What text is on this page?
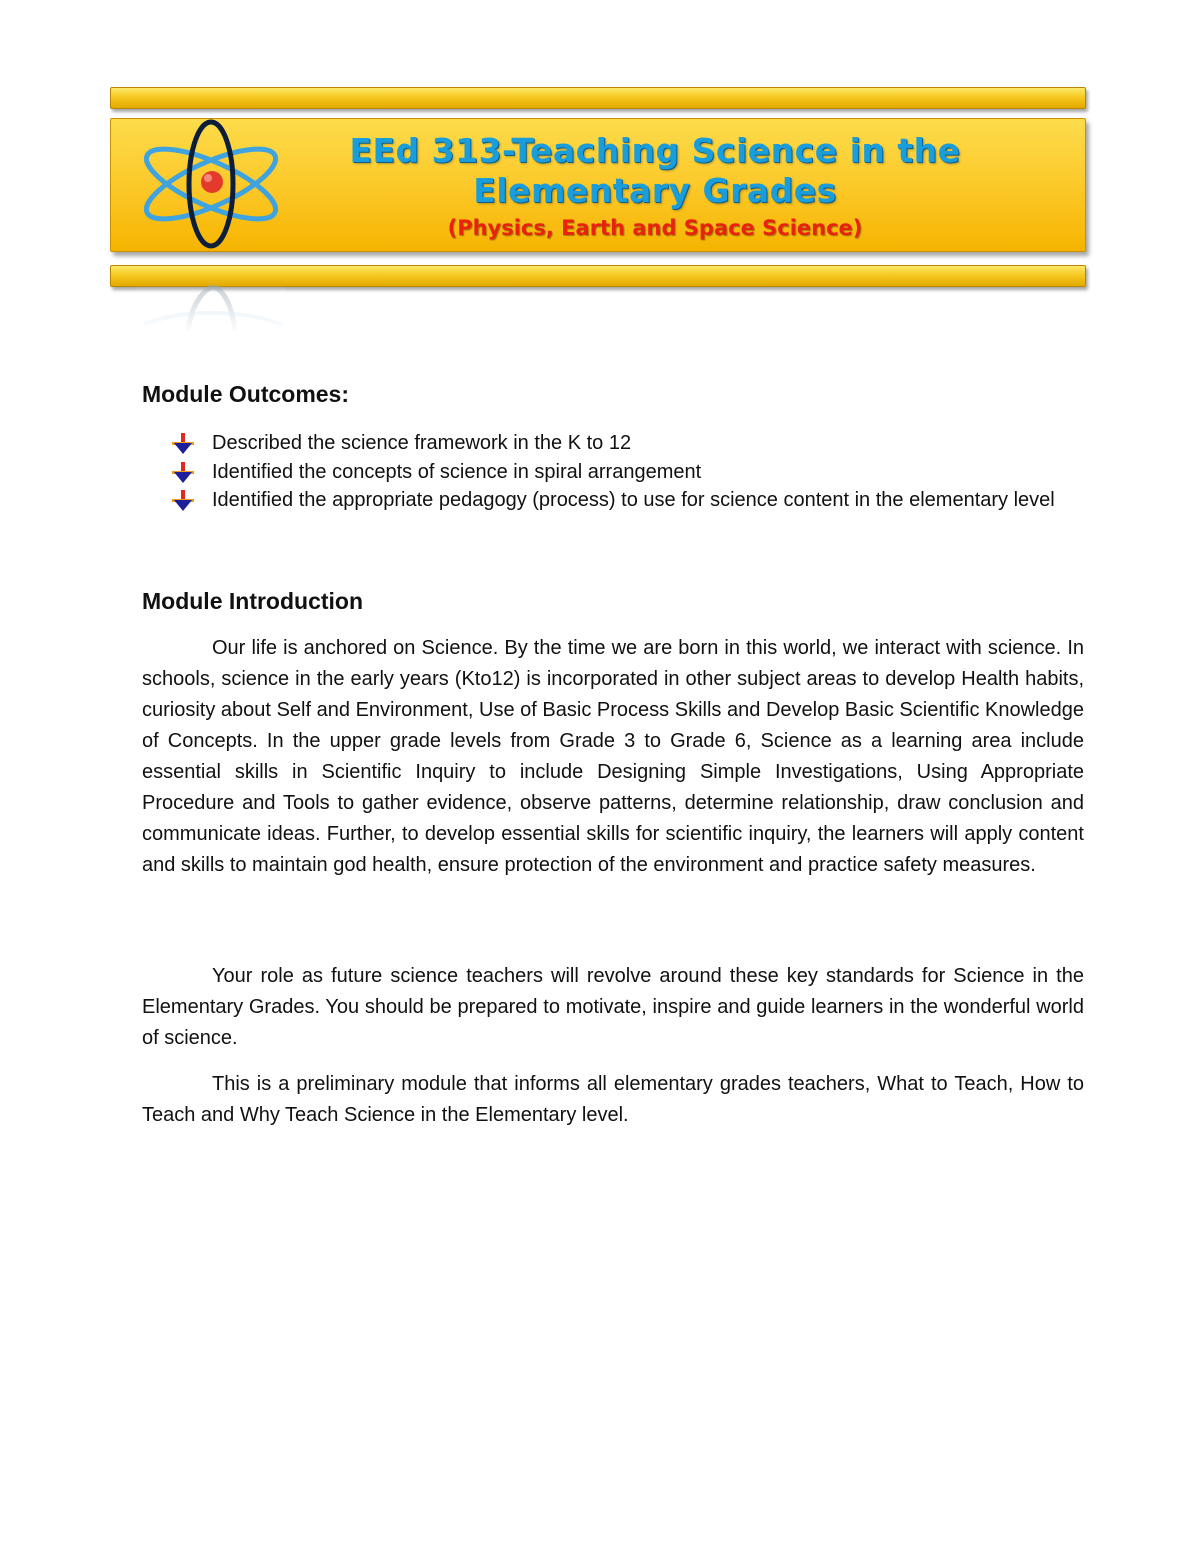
EEd 313-Teaching Science in the
Elementary Grades
(Physics, Earth and Space Science)
Module Outcomes:
Described the science framework in the K to 12
Identified the concepts of science in spiral arrangement
Identified the appropriate pedagogy (process) to use for science content in the elementary level
Module Introduction

Our life is anchored on Science. By the time we are born in this world, we interact with science. In schools, science in the early years (Kto12) is incorporated in other subject areas to develop Health habits, curiosity about Self and Environment, Use of Basic Process Skills and Develop Basic Scientific Knowledge of Concepts. In the upper grade levels from Grade 3 to Grade 6, Science as a learning area include essential skills in Scientific Inquiry to include Designing Simple Investigations, Using Appropriate Procedure and Tools to gather evidence, observe patterns, determine relationship, draw conclusion and communicate ideas. Further, to develop essential skills for scientific inquiry, the learners will apply content and skills to maintain god health, ensure protection of the environment and practice safety measures.

Your role as future science teachers will revolve around these key standards for Science in the Elementary Grades. You should be prepared to motivate, inspire and guide learners in the wonderful world of science.

This is a preliminary module that informs all elementary grades teachers, What to Teach, How to Teach and Why Teach Science in the Elementary level.
